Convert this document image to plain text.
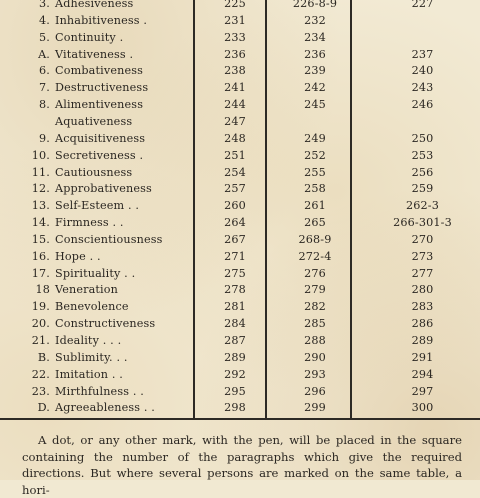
3. Adhesiveness	225	226-8-9	227
4. Inhabitiveness .	231	232
5. Continuity .	233	234
A. Vitativeness .	236	236	237
6. Combativeness	238	239	240
7. Destructiveness	241	242	243
8. Alimentiveness	244	245	246
Aquativeness	247
9. Acquisitiveness	248	249	250
10. Secretiveness .	251	252	253
11. Cautiousness	254	255	256
12. Approbativeness	257	258	259
13. Self-Esteem . .	260	261	262-3
14. Firmness . .	264	265	266-301-3
15. Conscientiousness	267	268-9	270
16. Hope . .	271	272-4	273
17. Spirituality . .	275	276	277
18 Veneration	278	279	280
19. Benevolence	281	282	283
20. Constructiveness	284	285	286
21. Ideality . . .	287	288	289
B. Sublimity. . .	289	290	291
22. Imitation . .	292	293	294
23. Mirthfulness . .	295	296	297
D. Agreeableness . .	298	299	300
A dot, or any other mark, with the pen, will be placed in the square containing the number of the paragraphs which give the required directions. But where several persons are marked on the same table, a hori-
